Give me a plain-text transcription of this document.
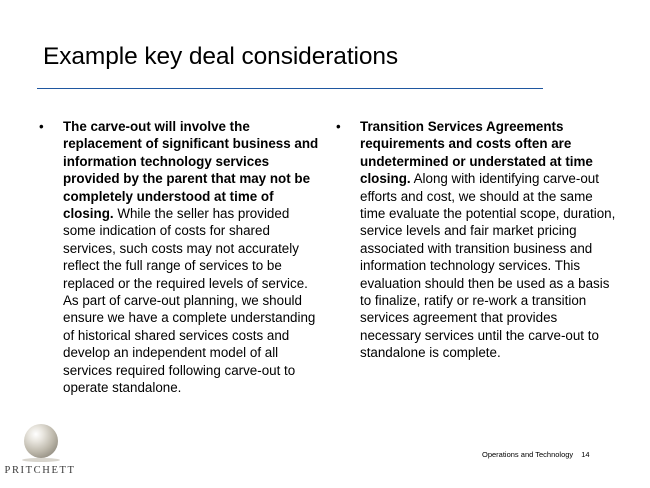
Example key deal considerations
•	The carve-out will involve the replacement of significant business and information technology services provided by the parent that may not be completely understood at time of closing. While the seller has provided some indication of costs for shared services, such costs may not accurately reflect the full range of services to be replaced or the required levels of service. As part of carve-out planning, we should ensure we have a complete understanding of historical shared services costs and develop an independent model of all services required following carve-out to operate standalone.
•	Transition Services Agreements requirements and costs often are undetermined or understated at time closing. Along with identifying carve-out efforts and cost, we should at the same time evaluate the potential scope, duration, service levels and fair market pricing associated with transition business and information technology services. This evaluation should then be used as a basis to finalize, ratify or re-work a transition services agreement that provides necessary services until the carve-out to standalone is complete.
PRITCHETT
Operations and Technology 14
